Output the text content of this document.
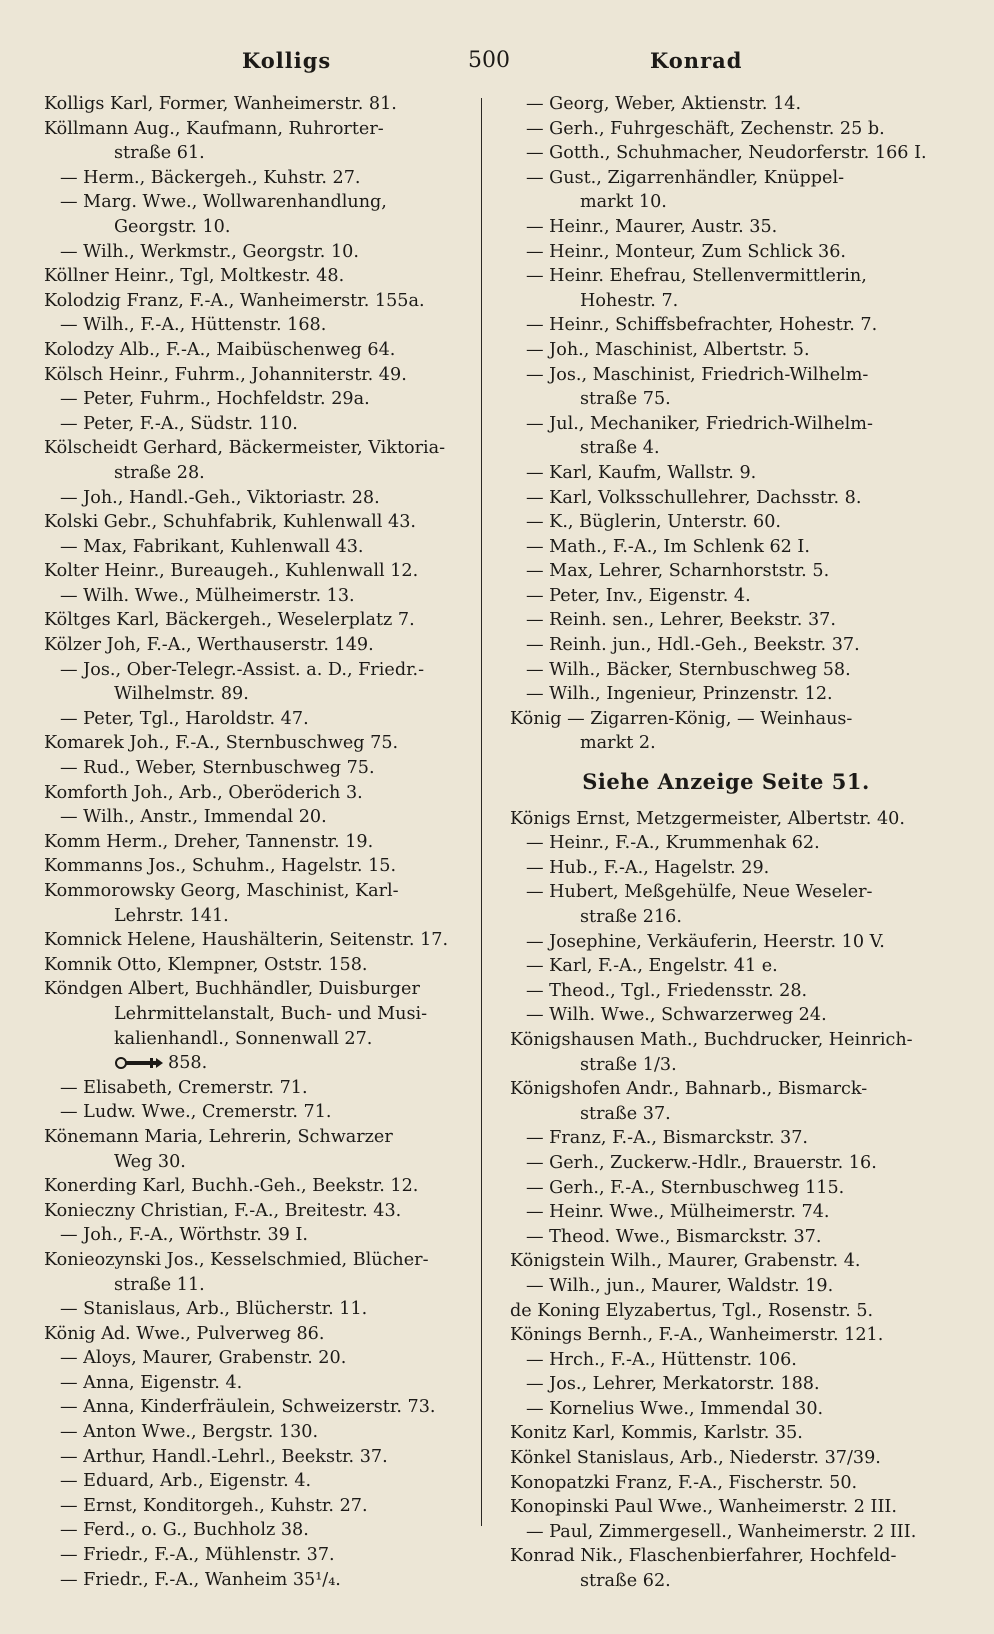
Kolligs	500	Konrad
Kolligs Karl, Former, Wanheimerstr. 81.
Köllmann Aug., Kaufmann, Ruhrorter-
straße 61.
— Herm., Bäckergeh., Kuhstr. 27.
— Marg. Wwe., Wollwarenhandlung,
Georgstr. 10.
— Wilh., Werkmstr., Georgstr. 10.
Köllner Heinr., Tgl, Moltkestr. 48.
Kolodzig Franz, F.-A., Wanheimerstr. 155a.
— Wilh., F.-A., Hüttenstr. 168.
Kolodzy Alb., F.-A., Maibüschenweg 64.
Kölsch Heinr., Fuhrm., Johanniterstr. 49.
— Peter, Fuhrm., Hochfeldstr. 29a.
— Peter, F.-A., Südstr. 110.
Kölscheidt Gerhard, Bäckermeister, Viktoria-
straße 28.
— Joh., Handl.-Geh., Viktoriastr. 28.
Kolski Gebr., Schuhfabrik, Kuhlenwall 43.
— Max, Fabrikant, Kuhlenwall 43.
Kolter Heinr., Bureaugeh., Kuhlenwall 12.
— Wilh. Wwe., Mülheimerstr. 13.
Költges Karl, Bäckergeh., Weselerplatz 7.
Kölzer Joh, F.-A., Werthauserstr. 149.
— Jos., Ober-Telegr.-Assist. a. D., Friedr.-
Wilhelmstr. 89.
— Peter, Tgl., Haroldstr. 47.
Komarek Joh., F.-A., Sternbuschweg 75.
— Rud., Weber, Sternbuschweg 75.
Komforth Joh., Arb., Oberöderich 3.
— Wilh., Anstr., Immendal 20.
Komm Herm., Dreher, Tannenstr. 19.
Kommanns Jos., Schuhm., Hagelstr. 15.
Kommorowsky Georg, Maschinist, Karl-
Lehrstr. 141.
Komnick Helene, Haushälterin, Seitenstr. 17.
Komnik Otto, Klempner, Oststr. 158.
Köndgen Albert, Buchhändler, Duisburger
Lehrmittelanstalt, Buch- und Musi-
kalienhandl., Sonnenwall 27.
858.
— Elisabeth, Cremerstr. 71.
— Ludw. Wwe., Cremerstr. 71.
Könemann Maria, Lehrerin, Schwarzer
Weg 30.
Konerding Karl, Buchh.-Geh., Beekstr. 12.
Konieczny Christian, F.-A., Breitestr. 43.
— Joh., F.-A., Wörthstr. 39 I.
Konieozynski Jos., Kesselschmied, Blücher-
straße 11.
— Stanislaus, Arb., Blücherstr. 11.
König Ad. Wwe., Pulverweg 86.
— Aloys, Maurer, Grabenstr. 20.
— Anna, Eigenstr. 4.
— Anna, Kinderfräulein, Schweizerstr. 73.
— Anton Wwe., Bergstr. 130.
— Arthur, Handl.-Lehrl., Beekstr. 37.
— Eduard, Arb., Eigenstr. 4.
— Ernst, Konditorgeh., Kuhstr. 27.
— Ferd., o. G., Buchholz 38.
— Friedr., F.-A., Mühlenstr. 37.
— Friedr., F.-A., Wanheim 35¹/₄.
— Georg, Weber, Aktienstr. 14.
— Gerh., Fuhrgeschäft, Zechenstr. 25 b.
— Gotth., Schuhmacher, Neudorferstr. 166 I.
— Gust., Zigarrenhändler, Knüppel-
markt 10.
— Heinr., Maurer, Austr. 35.
— Heinr., Monteur, Zum Schlick 36.
— Heinr. Ehefrau, Stellenvermittlerin,
Hohestr. 7.
— Heinr., Schiffsbefrachter, Hohestr. 7.
— Joh., Maschinist, Albertstr. 5.
— Jos., Maschinist, Friedrich-Wilhelm-
straße 75.
— Jul., Mechaniker, Friedrich-Wilhelm-
straße 4.
— Karl, Kaufm, Wallstr. 9.
— Karl, Volksschullehrer, Dachsstr. 8.
— K., Büglerin, Unterstr. 60.
— Math., F.-A., Im Schlenk 62 I.
— Max, Lehrer, Scharnhorststr. 5.
— Peter, Inv., Eigenstr. 4.
— Reinh. sen., Lehrer, Beekstr. 37.
— Reinh. jun., Hdl.-Geh., Beekstr. 37.
— Wilh., Bäcker, Sternbuschweg 58.
— Wilh., Ingenieur, Prinzenstr. 12.
König — Zigarren-König, — Weinhaus-
markt 2.
Siehe Anzeige Seite 51.
Königs Ernst, Metzgermeister, Albertstr. 40.
— Heinr., F.-A., Krummenhak 62.
— Hub., F.-A., Hagelstr. 29.
— Hubert, Meßgehülfe, Neue Weseler-
straße 216.
— Josephine, Verkäuferin, Heerstr. 10 V.
— Karl, F.-A., Engelstr. 41 e.
— Theod., Tgl., Friedensstr. 28.
— Wilh. Wwe., Schwarzerweg 24.
Königshausen Math., Buchdrucker, Heinrich-
straße 1/3.
Königshofen Andr., Bahnarb., Bismarck-
straße 37.
— Franz, F.-A., Bismarckstr. 37.
— Gerh., Zuckerw.-Hdlr., Brauerstr. 16.
— Gerh., F.-A., Sternbuschweg 115.
— Heinr. Wwe., Mülheimerstr. 74.
— Theod. Wwe., Bismarckstr. 37.
Königstein Wilh., Maurer, Grabenstr. 4.
— Wilh., jun., Maurer, Waldstr. 19.
de Koning Elyzabertus, Tgl., Rosenstr. 5.
Könings Bernh., F.-A., Wanheimerstr. 121.
— Hrch., F.-A., Hüttenstr. 106.
— Jos., Lehrer, Merkatorstr. 188.
— Kornelius Wwe., Immendal 30.
Konitz Karl, Kommis, Karlstr. 35.
Könkel Stanislaus, Arb., Niederstr. 37/39.
Konopatzki Franz, F.-A., Fischerstr. 50.
Konopinski Paul Wwe., Wanheimerstr. 2 III.
— Paul, Zimmergesell., Wanheimerstr. 2 III.
Konrad Nik., Flaschenbierfahrer, Hochfeld-
straße 62.
